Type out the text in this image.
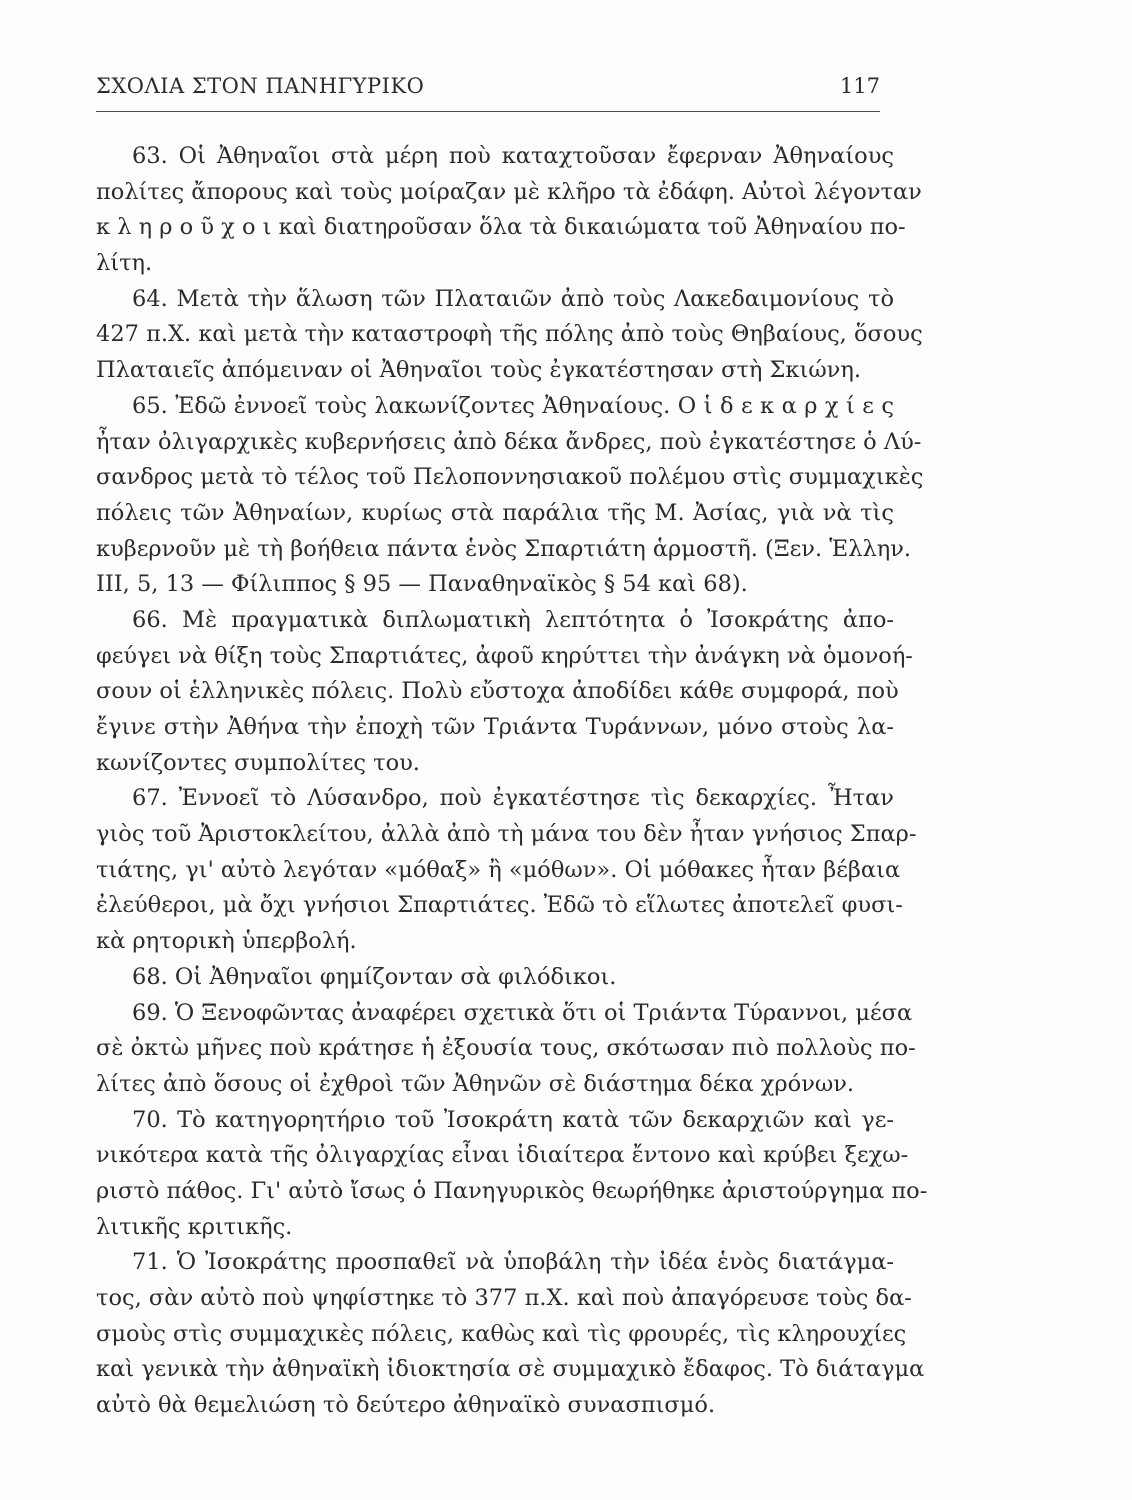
ΣΧΟΛΙΑ ΣΤΟΝ ΠΑΝΗΓΥΡΙΚΟ	117
63. Οἱ Ἀθηναῖοι στὰ μέρη ποὺ καταχτοῦσαν ἔφερναν Ἀθηναίους
πολίτες ἄπορους καὶ τοὺς μοίραζαν μὲ κλῆρο τὰ ἐδάφη. Αὐτοὶ λέγονταν
κ λ η ρ ο ῦ χ ο ι καὶ διατηροῦσαν ὅλα τὰ δικαιώματα τοῦ Ἀθηναίου πο-
λίτη.
64. Μετὰ τὴν ἅλωση τῶν Πλαταιῶν ἀπὸ τοὺς Λακεδαιμονίους τὸ
427 π.Χ. καὶ μετὰ τὴν καταστροφὴ τῆς πόλης ἀπὸ τοὺς Θηβαίους, ὅσους
Πλαταιεῖς ἀπόμειναν οἱ Ἀθηναῖοι τοὺς ἐγκατέστησαν στὴ Σκιώνη.
65. Ἐδῶ ἐννοεῖ τοὺς λακωνίζοντες Ἀθηναίους. Ο ἱ δ ε κ α ρ χ ί ε ς
ἦταν ὀλιγαρχικὲς κυβερνήσεις ἀπὸ δέκα ἄνδρες, ποὺ ἐγκατέστησε ὁ Λύ-
σανδρος μετὰ τὸ τέλος τοῦ Πελοποννησιακοῦ πολέμου στὶς συμμαχικὲς
πόλεις τῶν Ἀθηναίων, κυρίως στὰ παράλια τῆς Μ. Ἀσίας, γιὰ νὰ τὶς
κυβερνοῦν μὲ τὴ βοήθεια πάντα ἑνὸς Σπαρτιάτη ἁρμοστῆ. (Ξεν. Ἑλλην.
III, 5, 13 — Φίλιππος § 95 — Παναθηναϊκὸς § 54 καὶ 68).
66. Μὲ πραγματικὰ διπλωματικὴ λεπτότητα ὁ Ἰσοκράτης ἀπο-
φεύγει νὰ θίξη τοὺς Σπαρτιάτες, ἀφοῦ κηρύττει τὴν ἀνάγκη νὰ ὁμονοή-
σουν οἱ ἑλληνικὲς πόλεις. Πολὺ εὔστοχα ἀποδίδει κάθε συμφορά, ποὺ
ἔγινε στὴν Ἀθήνα τὴν ἐποχὴ τῶν Τριάντα Τυράννων, μόνο στοὺς λα-
κωνίζοντες συμπολίτες του.
67. Ἐννοεῖ τὸ Λύσανδρο, ποὺ ἐγκατέστησε τὶς δεκαρχίες. Ἦταν
γιὸς τοῦ Ἀριστοκλείτου, ἀλλὰ ἀπὸ τὴ μάνα του δὲν ἦταν γνήσιος Σπαρ-
τιάτης, γι' αὐτὸ λεγόταν «μόθαξ» ἢ «μόθων». Οἱ μόθακες ἦταν βέβαια
ἐλεύθεροι, μὰ ὄχι γνήσιοι Σπαρτιάτες. Ἐδῶ τὸ εἵλωτες ἀποτελεῖ φυσι-
κὰ ρητορικὴ ὑπερβολή.
68. Οἱ Ἀθηναῖοι φημίζονταν σὰ φιλόδικοι.
69. Ὁ Ξενοφῶντας ἀναφέρει σχετικὰ ὅτι οἱ Τριάντα Τύραννοι, μέσα
σὲ ὀκτὼ μῆνες ποὺ κράτησε ἡ ἐξουσία τους, σκότωσαν πιὸ πολλοὺς πο-
λίτες ἀπὸ ὅσους οἱ ἐχθροὶ τῶν Ἀθηνῶν σὲ διάστημα δέκα χρόνων.
70. Τὸ κατηγορητήριο τοῦ Ἰσοκράτη κατὰ τῶν δεκαρχιῶν καὶ γε-
νικότερα κατὰ τῆς ὀλιγαρχίας εἶναι ἰδιαίτερα ἔντονο καὶ κρύβει ξεχω-
ριστὸ πάθος. Γι' αὐτὸ ἴσως ὁ Πανηγυρικὸς θεωρήθηκε ἀριστούργημα πο-
λιτικῆς κριτικῆς.
71. Ὁ Ἰσοκράτης προσπαθεῖ νὰ ὑποβάλη τὴν ἰδέα ἑνὸς διατάγμα-
τος, σὰν αὐτὸ ποὺ ψηφίστηκε τὸ 377 π.Χ. καὶ ποὺ ἀπαγόρευσε τοὺς δα-
σμοὺς στὶς συμμαχικὲς πόλεις, καθὼς καὶ τὶς φρουρές, τὶς κληρουχίες
καὶ γενικὰ τὴν ἀθηναϊκὴ ἰδιοκτησία σὲ συμμαχικὸ ἔδαφος. Τὸ διάταγμα
αὐτὸ θὰ θεμελιώση τὸ δεύτερο ἀθηναϊκὸ συνασπισμό.
